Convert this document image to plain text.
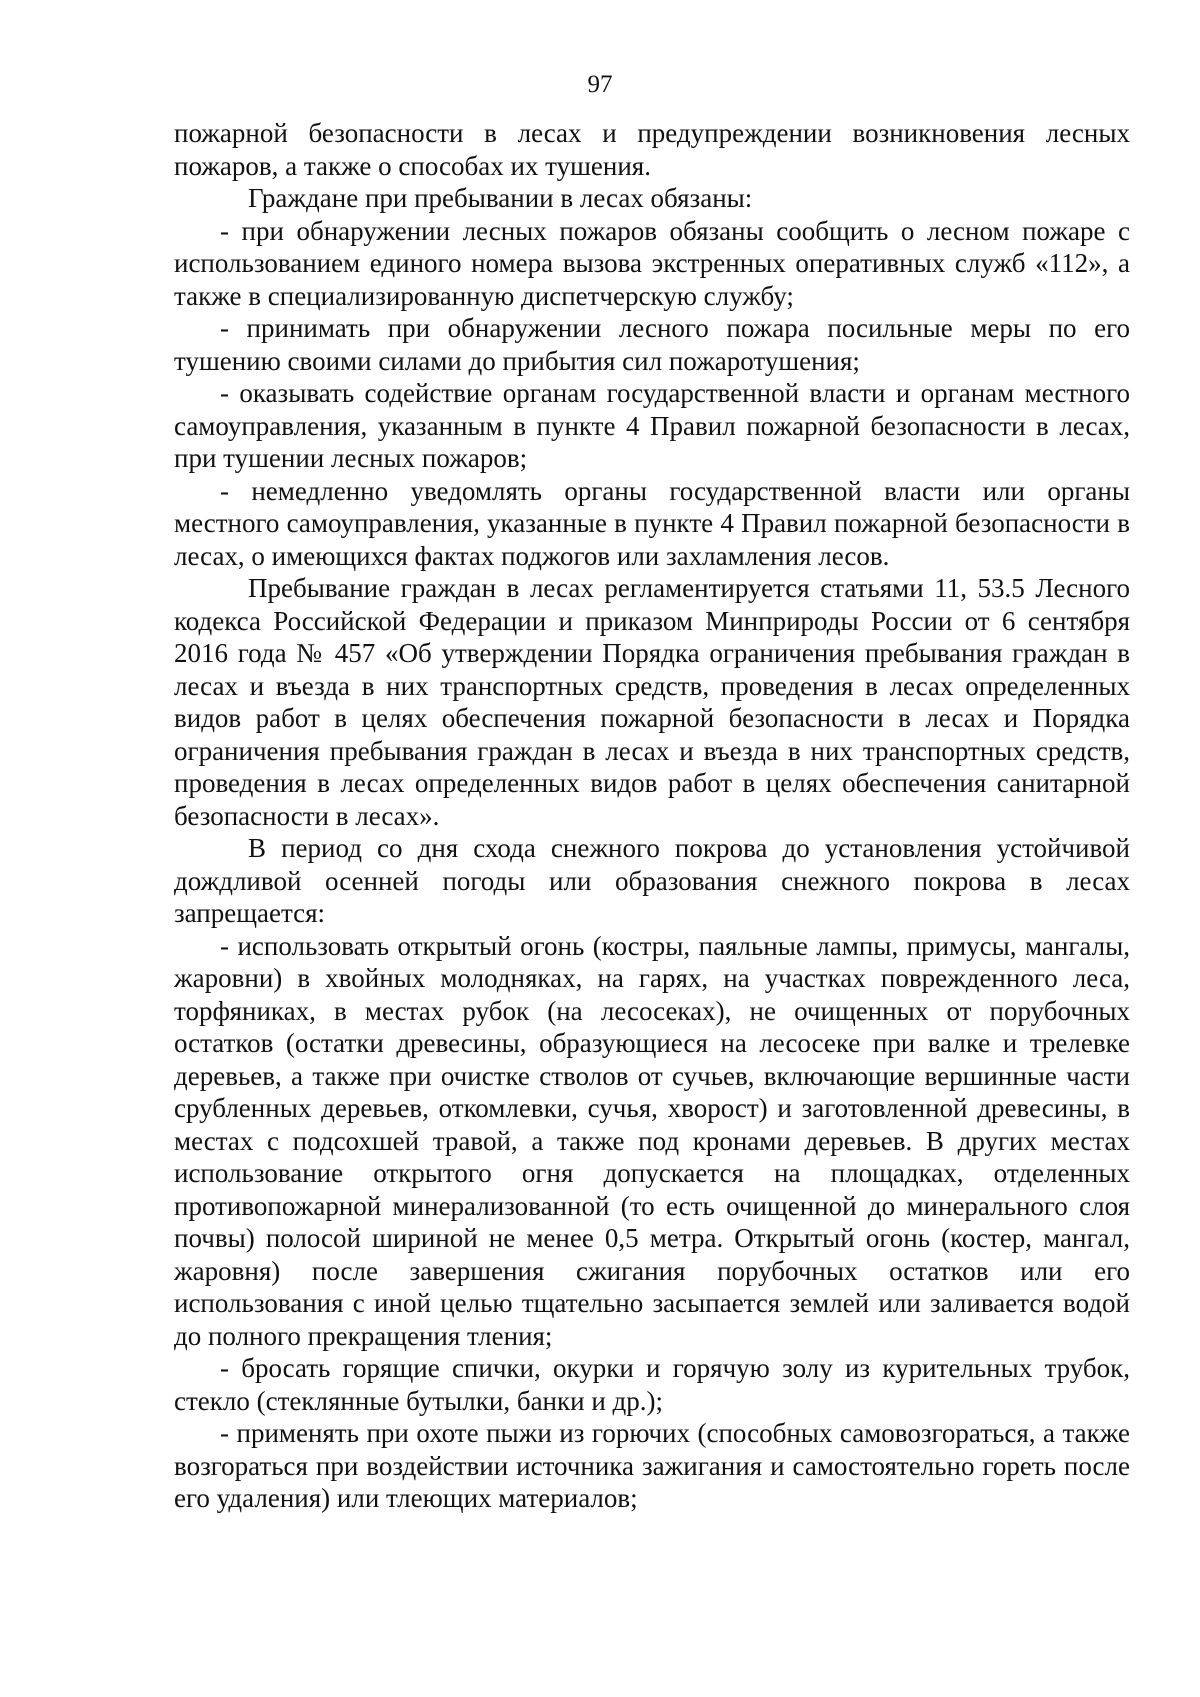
97

пожарной безопасности в лесах и предупреждении возникновения лесных пожаров, а также о способах их тушения.

Граждане при пребывании в лесах обязаны:

- при обнаружении лесных пожаров обязаны сообщить о лесном пожаре с использованием единого номера вызова экстренных оперативных служб «112», а также в специализированную диспетчерскую службу;

- принимать при обнаружении лесного пожара посильные меры по его тушению своими силами до прибытия сил пожаротушения;

- оказывать содействие органам государственной власти и органам местного самоуправления, указанным в пункте 4 Правил пожарной безопасности в лесах, при тушении лесных пожаров;

- немедленно уведомлять органы государственной власти или органы местного самоуправления, указанные в пункте 4 Правил пожарной безопасности в лесах, о имеющихся фактах поджогов или захламления лесов.

Пребывание граждан в лесах регламентируется статьями 11, 53.5 Лесного кодекса Российской Федерации и приказом Минприроды России от 6 сентября 2016 года № 457 «Об утверждении Порядка ограничения пребывания граждан в лесах и въезда в них транспортных средств, проведения в лесах определенных видов работ в целях обеспечения пожарной безопасности в лесах и Порядка ограничения пребывания граждан в лесах и въезда в них транспортных средств, проведения в лесах определенных видов работ в целях обеспечения санитарной безопасности в лесах».

В период со дня схода снежного покрова до установления устойчивой дождливой осенней погоды или образования снежного покрова в лесах запрещается:

- использовать открытый огонь (костры, паяльные лампы, примусы, мангалы, жаровни) в хвойных молодняках, на гарях, на участках поврежденного леса, торфяниках, в местах рубок (на лесосеках), не очищенных от порубочных остатков (остатки древесины, образующиеся на лесосеке при валке и трелевке деревьев, а также при очистке стволов от сучьев, включающие вершинные части срубленных деревьев, откомлевки, сучья, хворост) и заготовленной древесины, в местах с подсохшей травой, а также под кронами деревьев. В других местах использование открытого огня допускается на площадках, отделенных противопожарной минерализованной (то есть очищенной до минерального слоя почвы) полосой шириной не менее 0,5 метра. Открытый огонь (костер, мангал, жаровня) после завершения сжигания порубочных остатков или его использования с иной целью тщательно засыпается землей или заливается водой до полного прекращения тления;

- бросать горящие спички, окурки и горячую золу из курительных трубок, стекло (стеклянные бутылки, банки и др.);

- применять при охоте пыжи из горючих (способных самовозгораться, а также возгораться при воздействии источника зажигания и самостоятельно гореть после его удаления) или тлеющих материалов;
